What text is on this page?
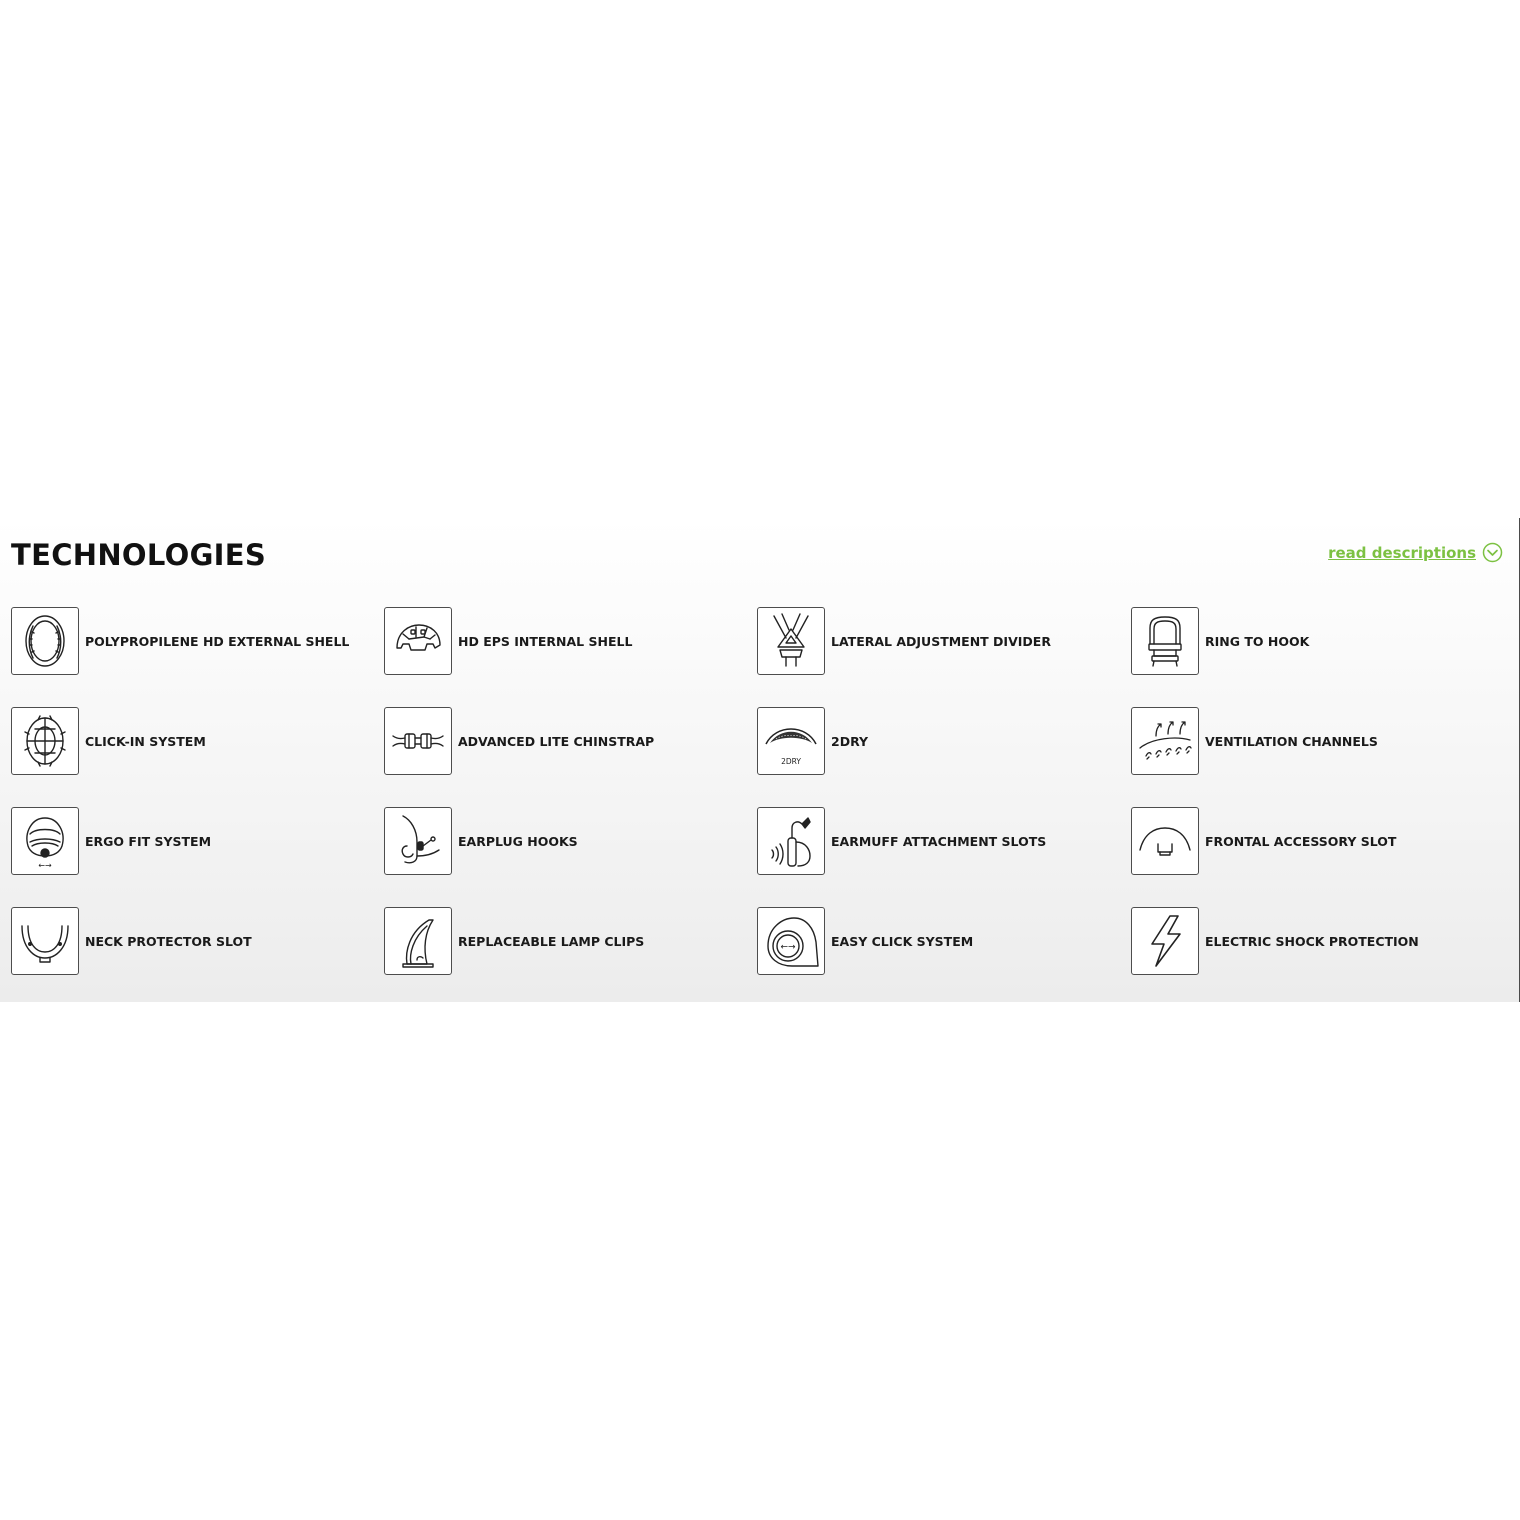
TECHNOLOGIES	read descriptions
POLYPROPILENE HD EXTERNAL SHELL	HD EPS INTERNAL SHELL	LATERAL ADJUSTMENT DIVIDER	RING TO HOOK
CLICK-IN SYSTEM	ADVANCED LITE CHINSTRAP
2DRY
2DRY	VENTILATION CHANNELS
←→
ERGO FIT SYSTEM	EARPLUG HOOKS	EARMUFF ATTACHMENT SLOTS	FRONTAL ACCESSORY SLOT
NECK PROTECTOR SLOT	REPLACEABLE LAMP CLIPS	←→	EASY CLICK SYSTEM	ELECTRIC SHOCK PROTECTION
